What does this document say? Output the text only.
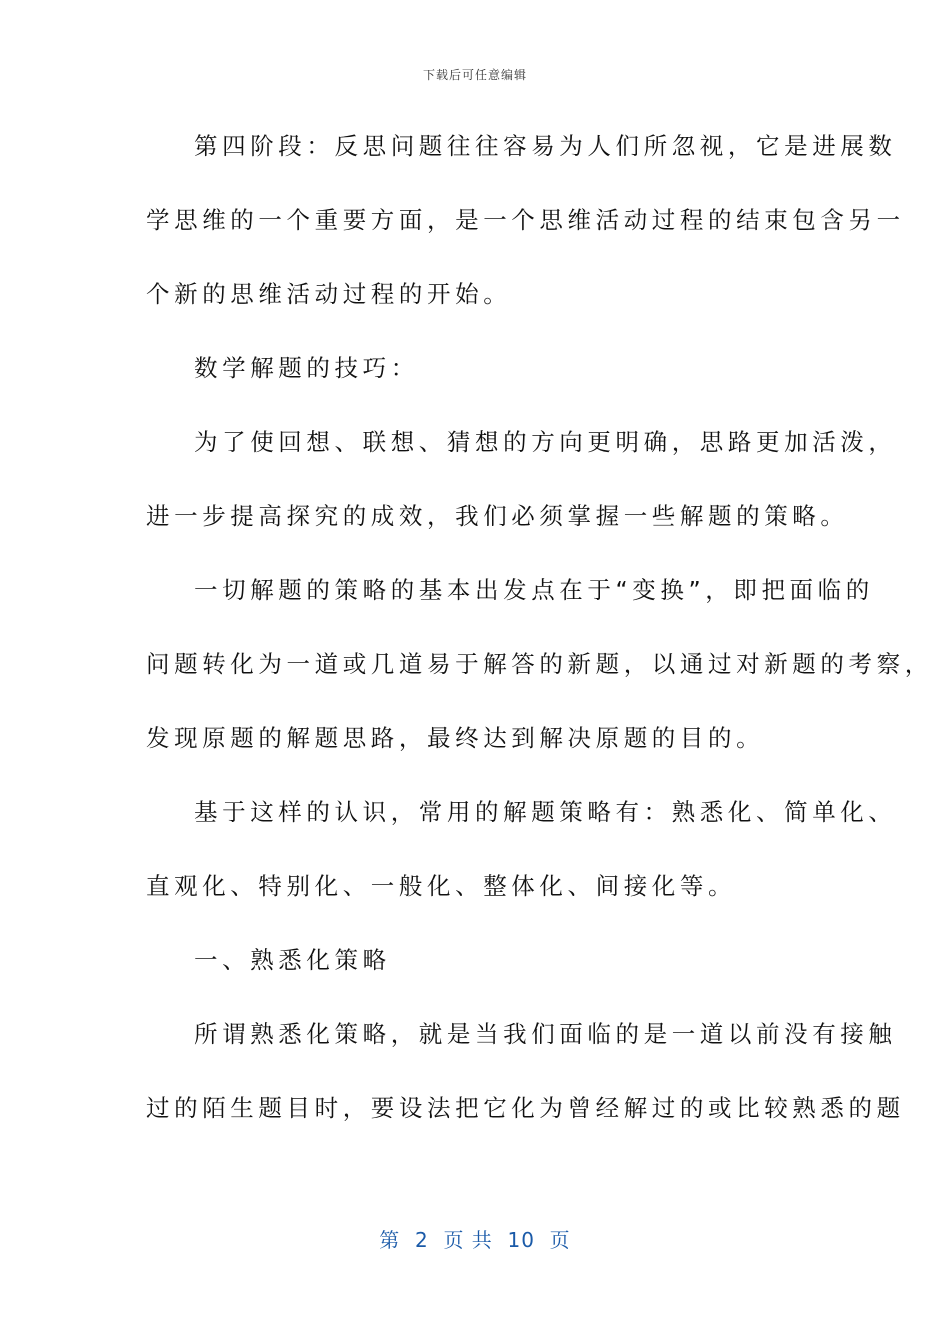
下载后可任意编辑
第四阶段：反思问题往往容易为人们所忽视，它是进展数
学思维的一个重要方面，是一个思维活动过程的结束包含另一
个新的思维活动过程的开始。
数学解题的技巧：
为了使回想、联想、猜想的方向更明确，思路更加活泼，
进一步提高探究的成效，我们必须掌握一些解题的策略。
一切解题的策略的基本出发点在于“变换”，即把面临的
问题转化为一道或几道易于解答的新题，以通过对新题的考察，
发现原题的解题思路，最终达到解决原题的目的。
基于这样的认识，常用的解题策略有：熟悉化、简单化、
直观化、特别化、一般化、整体化、间接化等。
一、熟悉化策略
所谓熟悉化策略，就是当我们面临的是一道以前没有接触
过的陌生题目时，要设法把它化为曾经解过的或比较熟悉的题
第  2  页 共  10  页
